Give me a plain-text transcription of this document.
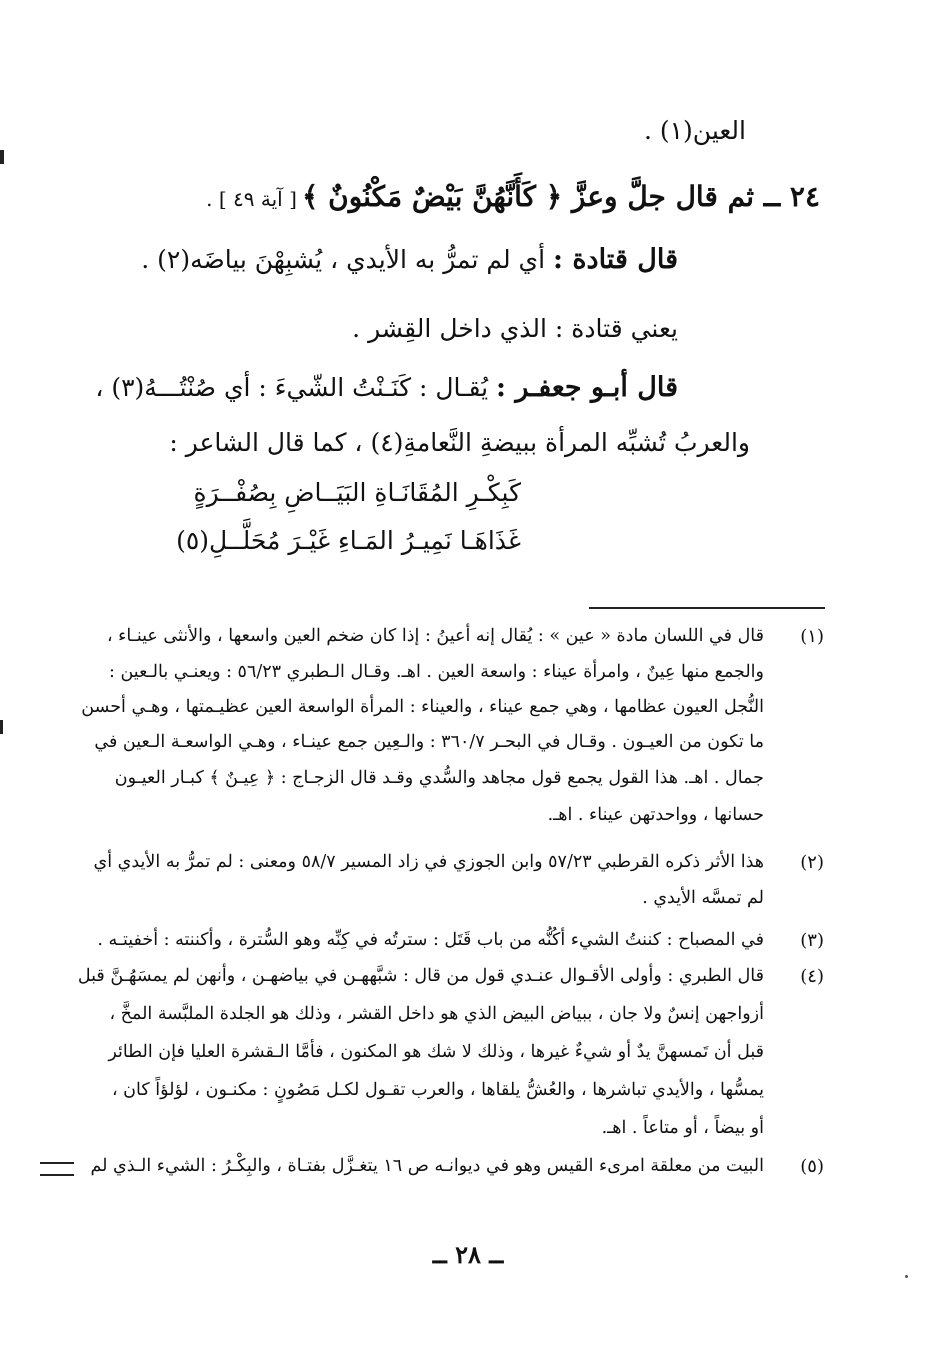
العين(١) .
٢٤ ــ ثم قال جلَّ وعزَّ ﴿ كَأَنَّهُنَّ بَيْضٌ مَكْنُونٌ ﴾ [ آية ٤٩ ] .
قال قتادة : أي لم تمرُّ به الأيدي ، يُشبِهْنَ بياضَه(٢) .
يعني قتادة : الذي داخل القِشر .
قال أبـو جعفـر : يُقـال : كَنَـنْتُ الشّيءَ : أي صُنْتُـــهُ(٣) ،
والعربُ تُشبِّه المرأة ببيضةِ النَّعامةِ(٤) ، كما قال الشاعر :
كَبِكْـرِ المُقَانَـاةِ البَيَــاضِ بِصُفْــرَةٍ
غَذَاهَـا نَمِيـرُ المَـاءِ غَيْـرَ مُحَلَّــلِ(٥)
(١)
قال في اللسان مادة « عين » : يُقال إنه أعينُ : إذا كان ضخم العين واسعها ، والأنثى عينـاء ،
والجمع منها عِينٌ ، وامرأة عيناء : واسعة العين . اهـ. وقـال الـطبري ٥٦/٢٣ : ويعنـي بالـعين :
النُّجل العيون عظامها ، وهي جمع عيناء ، والعيناء : المرأة الواسعة العين عظيـمتها ، وهـي أحسن
ما تكون من العيـون . وقـال في البحـر ٣٦٠/٧ : والـعِين جمع عينـاء ، وهـي الواسعـة الـعين في
جمال . اهـ. هذا القول يجمع قول مجاهد والسُّدي وقـد قال الزجـاج : ﴿ عِيـنٌ ﴾ كبـار العيـون
حسانها ، وواحدتهن عيناء . اهـ.
(٢)
هذا الأثر ذكره القرطبي ٥٧/٢٣ وابن الجوزي في زاد المسير ٥٨/٧ ومعنى : لم تمرُّ به الأيدي أي
لم تمسَّه الأيدي .
(٣)
في المصباح : كننتُ الشيء أكُنُّه من باب قَتَل : سترتُه في كِنِّه وهو السُّترة ، وأكننته : أخفيتـه .
(٤)
قال الطبري : وأولى الأقـوال عنـدي قول من قال : شبَّههـن في بياضهـن ، وأنهن لم يمسَهُـنَّ قبل
أزواجهن إنسٌ ولا جان ، ببياض البيض الذي هو داخل القشر ، وذلك هو الجلدة الملبَّسة المخَّ ،
قبل أن تَمسهنَّ يدٌ أو شيءٌ غيرها ، وذلك لا شك هو المكنون ، فأمَّا الـقشرة العليا فإن الطائر
يمسُّها ، والأيدي تباشرها ، والعُشُّ يلقاها ، والعرب تقـول لكـل مَصُونٍ : مكنـون ، لؤلؤاً كان ،
أو بيضاً ، أو متاعاً . اهـ.
(٥)
البيت من معلقة امرىء القيس وهو في ديوانـه ص ١٦ يتغـزَّل بفتـاة ، والبِكْـرُ : الشيء الـذي لم
ــ ٢٨ ــ
